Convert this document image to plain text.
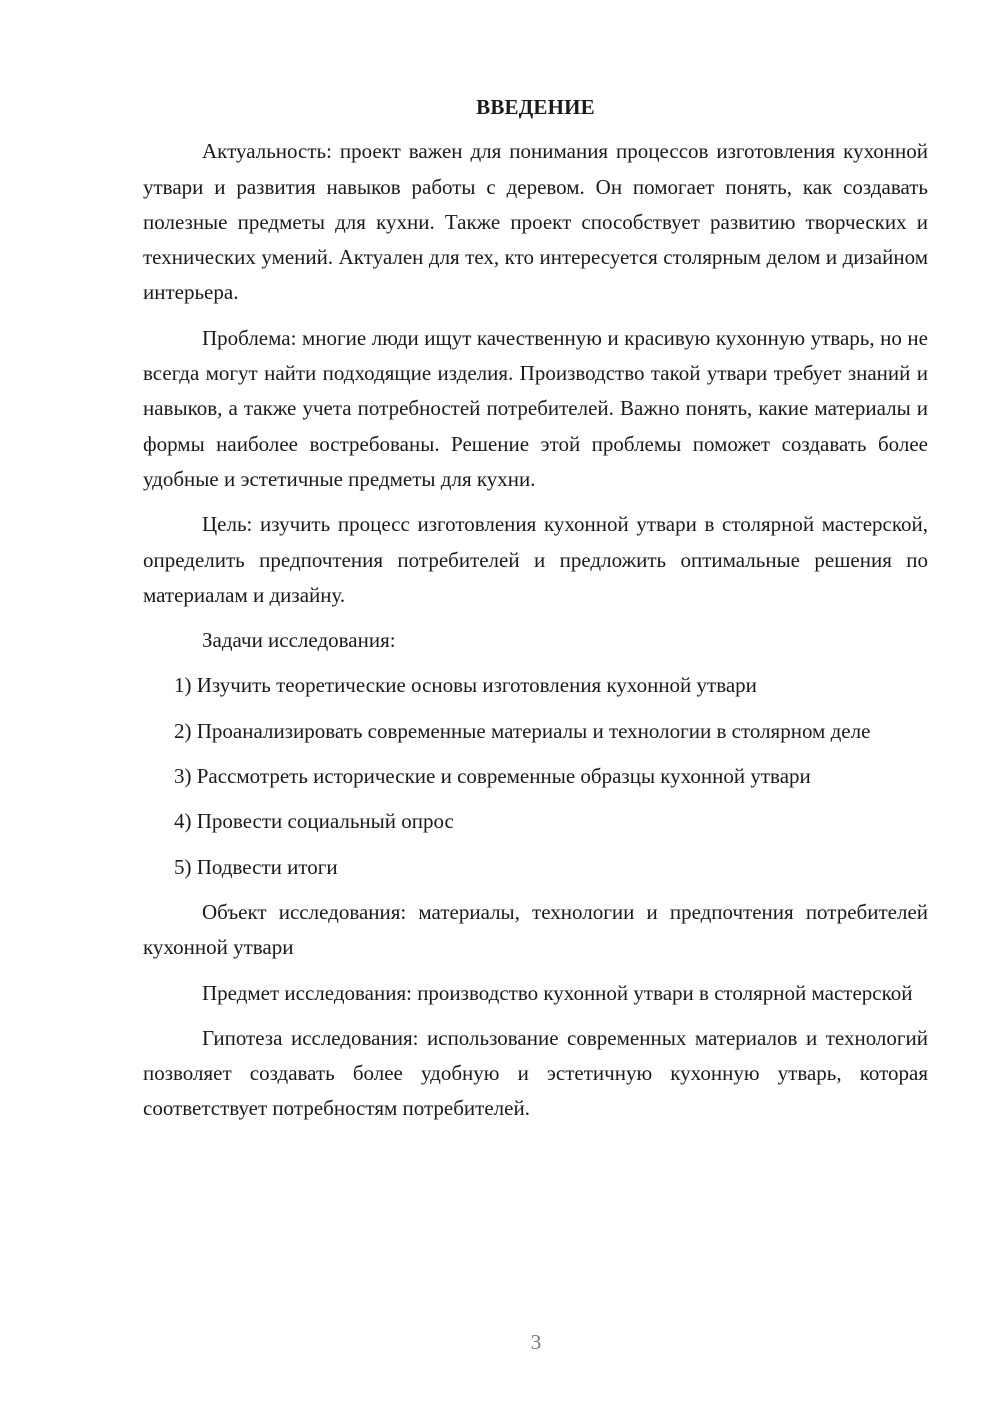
ВВЕДЕНИЕ

Актуальность: проект важен для понимания процессов изготовления кухонной утвари и развития навыков работы с деревом. Он помогает понять, как создавать полезные предметы для кухни. Также проект способствует развитию творческих и технических умений. Актуален для тех, кто интересуется столярным делом и дизайном интерьера.

Проблема: многие люди ищут качественную и красивую кухонную утварь, но не всегда могут найти подходящие изделия. Производство такой утвари требует знаний и навыков, а также учета потребностей потребителей. Важно понять, какие материалы и формы наиболее востребованы. Решение этой проблемы поможет создавать более удобные и эстетичные предметы для кухни.

Цель: изучить процесс изготовления кухонной утвари в столярной мастерской, определить предпочтения потребителей и предложить оптимальные решения по материалам и дизайну.

Задачи исследования:

1) Изучить теоретические основы изготовления кухонной утвари

2) Проанализировать современные материалы и технологии в столярном деле

3) Рассмотреть исторические и современные образцы кухонной утвари

4) Провести социальный опрос

5) Подвести итоги

Объект исследования: материалы, технологии и предпочтения потребителей кухонной утвари

Предмет исследования: производство кухонной утвари в столярной мастерской

Гипотеза исследования: использование современных материалов и технологий позволяет создавать более удобную и эстетичную кухонную утварь, которая соответствует потребностям потребителей.

3
